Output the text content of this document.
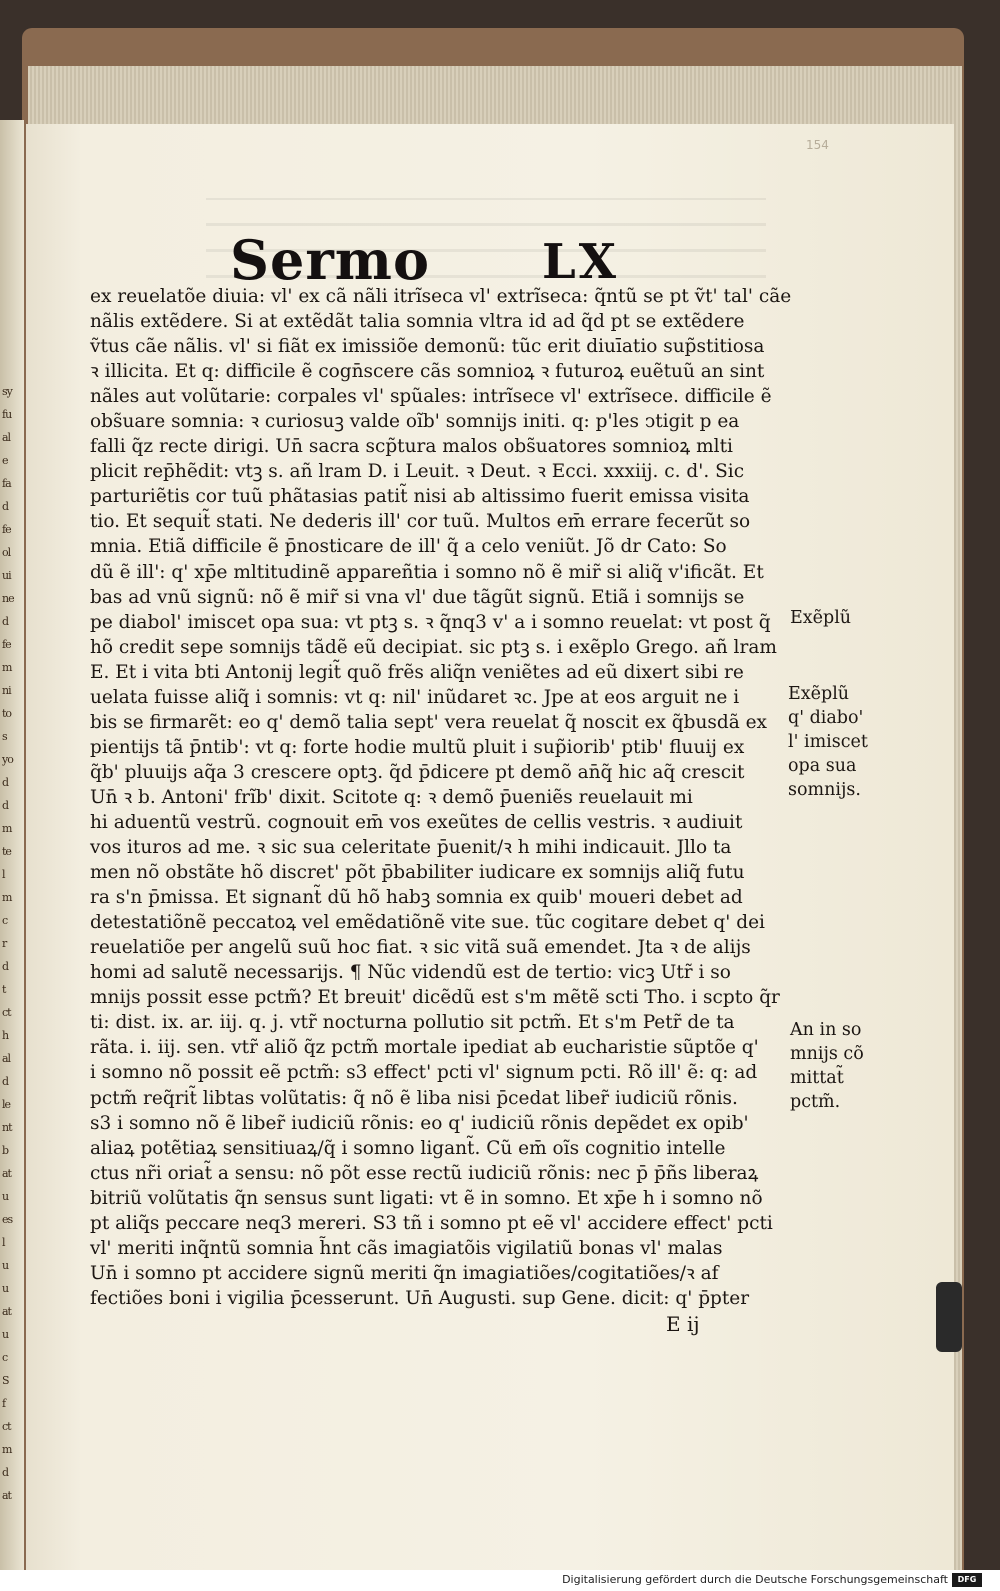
sy
fu
al
e
fa
d
fe
ol
ui
ne
d
fe
m
ni
to
s
yo
d
d
m
te
l
m
c
r
d
t
ct
h
al
d
le
nt
b
at
u
es
l
u
u
at
u
c
S
f
ct
m
d
at
154
Sermo LX
ex reuelatõe diuia: vl' ex cã nãli itrĩseca vl' extrĩseca: q̃ntũ se pt ṽt' tal' cãe
nãlis extẽdere. Si at extẽdãt talia somnia vltra id ad q̃d pt se extẽdere
ṽtus cãe nãlis. vl' si fiãt ex imissiõe demonũ: tũc erit diuīatio sup̃stitiosa
ꝛ illicita. Et q: difficile ẽ cogn̄scere cãs somnioꝝ ꝛ futuroꝝ euẽtuũ an sint
nãles aut volũtarie: corpales vl' spũales: intrĩsece vl' extrĩsece. difficile ẽ
obs̃uare somnia: ꝛ curiosuꝫ valde oĩb' somnijs initi. q: p'les ↄtigit p ea
falli q̃z recte dirigi. Un̄ sacra scp̃tura malos obs̃uatores somnioꝝ mlti
plicit rep̄hẽdit: vtꝫ s. añ lram D. i Leuit. ꝛ Deut. ꝛ Ecci. xxxiij. c. d'. Sic
parturiẽtis cor tuũ phãtasias patit̃ nisi ab altissimo fuerit emissa visita
tio. Et sequit̃ stati. Ne dederis ill' cor tuũ. Multos em̄ errare fecerũt so
mnia. Etiã difficile ẽ p̄nosticare de ill' q̃ a celo veniũt. Jõ dr Cato: So
dũ ẽ ill': q' xp̄e mltitudinẽ appareñtia i somno nõ ẽ mir̃ si aliq̃ v'ificãt. Et
bas ad vnũ signũ: nõ ẽ mir̃ si vna vl' due tãgũt signũ. Etiã i somnijs se
pe diabol' imiscet opa sua: vt ptꝫ s. ꝛ q̃nq3 v' a i somno reuelat: vt post q̃
hõ credit sepe somnijs tãdẽ eũ decipiat. sic ptꝫ s. i exẽplo Grego. añ lram
E. Et i vita bti Antonij legit̃ quõ frẽs aliq̃n veniẽtes ad eũ dixert sibi re
uelata fuisse aliq̃ i somnis: vt q: nil' inũdaret ꝛc. Jpe at eos arguit ne i
bis se firmarẽt: eo q' demõ talia sept' vera reuelat q̃ noscit ex q̃busdã ex
pientijs tã p̄ntib': vt q: forte hodie multũ pluit i sup̃iorib' ptib' fluuij ex
q̃b' pluuijs aq̃a 3 crescere optꝫ. q̃d p̄dicere pt demõ an̄q̃ hic aq̃ crescit
Un̄ ꝛ b. Antoni' frĩb' dixit. Scitote q: ꝛ demõ p̄ueniẽs reuelauit mi
hi aduentũ vestrũ. cognouit em̄ vos exeũtes de cellis vestris. ꝛ audiuit
vos ituros ad me. ꝛ sic sua celeritate p̄uenit/ꝛ h mihi indicauit. Jllo ta
men nõ obstãte hõ discret' põt p̄babiliter iudicare ex somnijs aliq̃ futu
ra s'n p̄missa. Et signant̃ dũ hõ habꝫ somnia ex quib' moueri debet ad
detestatiõnẽ peccatoꝝ vel emẽdatiõnẽ vite sue. tũc cogitare debet q' dei
reuelatiõe per angelũ suũ hoc fiat. ꝛ sic vitã suã emendet. Jta ꝛ de alijs
homi ad salutẽ necessarijs. ¶ Nũc videndũ est de tertio: vicꝫ Utr̃ i so
mnijs possit esse pctm̃? Et breuit' dicẽdũ est s'm mẽtẽ scti Tho. i scpto q̃r
ti: dist. ix. ar. iij. q. j. vtr̃ nocturna pollutio sit pctm̃. Et s'm Petr̃ de ta
rãta. i. iij. sen. vtr̃ aliõ q̃z pctm̃ mortale ipediat ab eucharistie sũptõe q'
i somno nõ possit eẽ pctm̃: s3 effect' pcti vl' signum pcti. Rõ ill' ẽ: q: ad
pctm̃ req̃rit̃ libtas volũtatis: q̃ nõ ẽ liba nisi p̄cedat liber̃ iudiciũ rõnis.
s3 i somno nõ ẽ liber̃ iudiciũ rõnis: eo q' iudiciũ rõnis depẽdet ex opib'
aliaꝝ potẽtiaꝝ sensitiuaꝝ/q̃ i somno ligant̃. Cũ em̄ oĩs cognitio intelle
ctus nr̃i oriat̃ a sensu: nõ põt esse rectũ iudiciũ rõnis: nec p̄ p̄ñs liberaꝝ
bitriũ volũtatis q̃n sensus sunt ligati: vt ẽ in somno. Et xp̄e h i somno nõ
pt aliq̃s peccare neq3 mereri. S3 tñ i somno pt eẽ vl' accidere effect' pcti
vl' meriti inq̃ntũ somnia h̃nt cãs imagiatõis vigilatiũ bonas vl' malas
Un̄ i somno pt accidere signũ meriti q̃n imagiatiões/cogitatiões/ꝛ af
fectiões boni i vigilia p̄cesserunt. Un̄ Augusti. sup Gene. dicit: q' p̄pter
Exẽplũ
Exẽplũ
q' diabo'
l' imiscet
opa sua
somnijs.
An in so
mnijs cõ
mittat̃
pctm̃.
E ij
Digitalisierung gefördert durch die Deutsche Forschungsgemeinschaft	DFG
